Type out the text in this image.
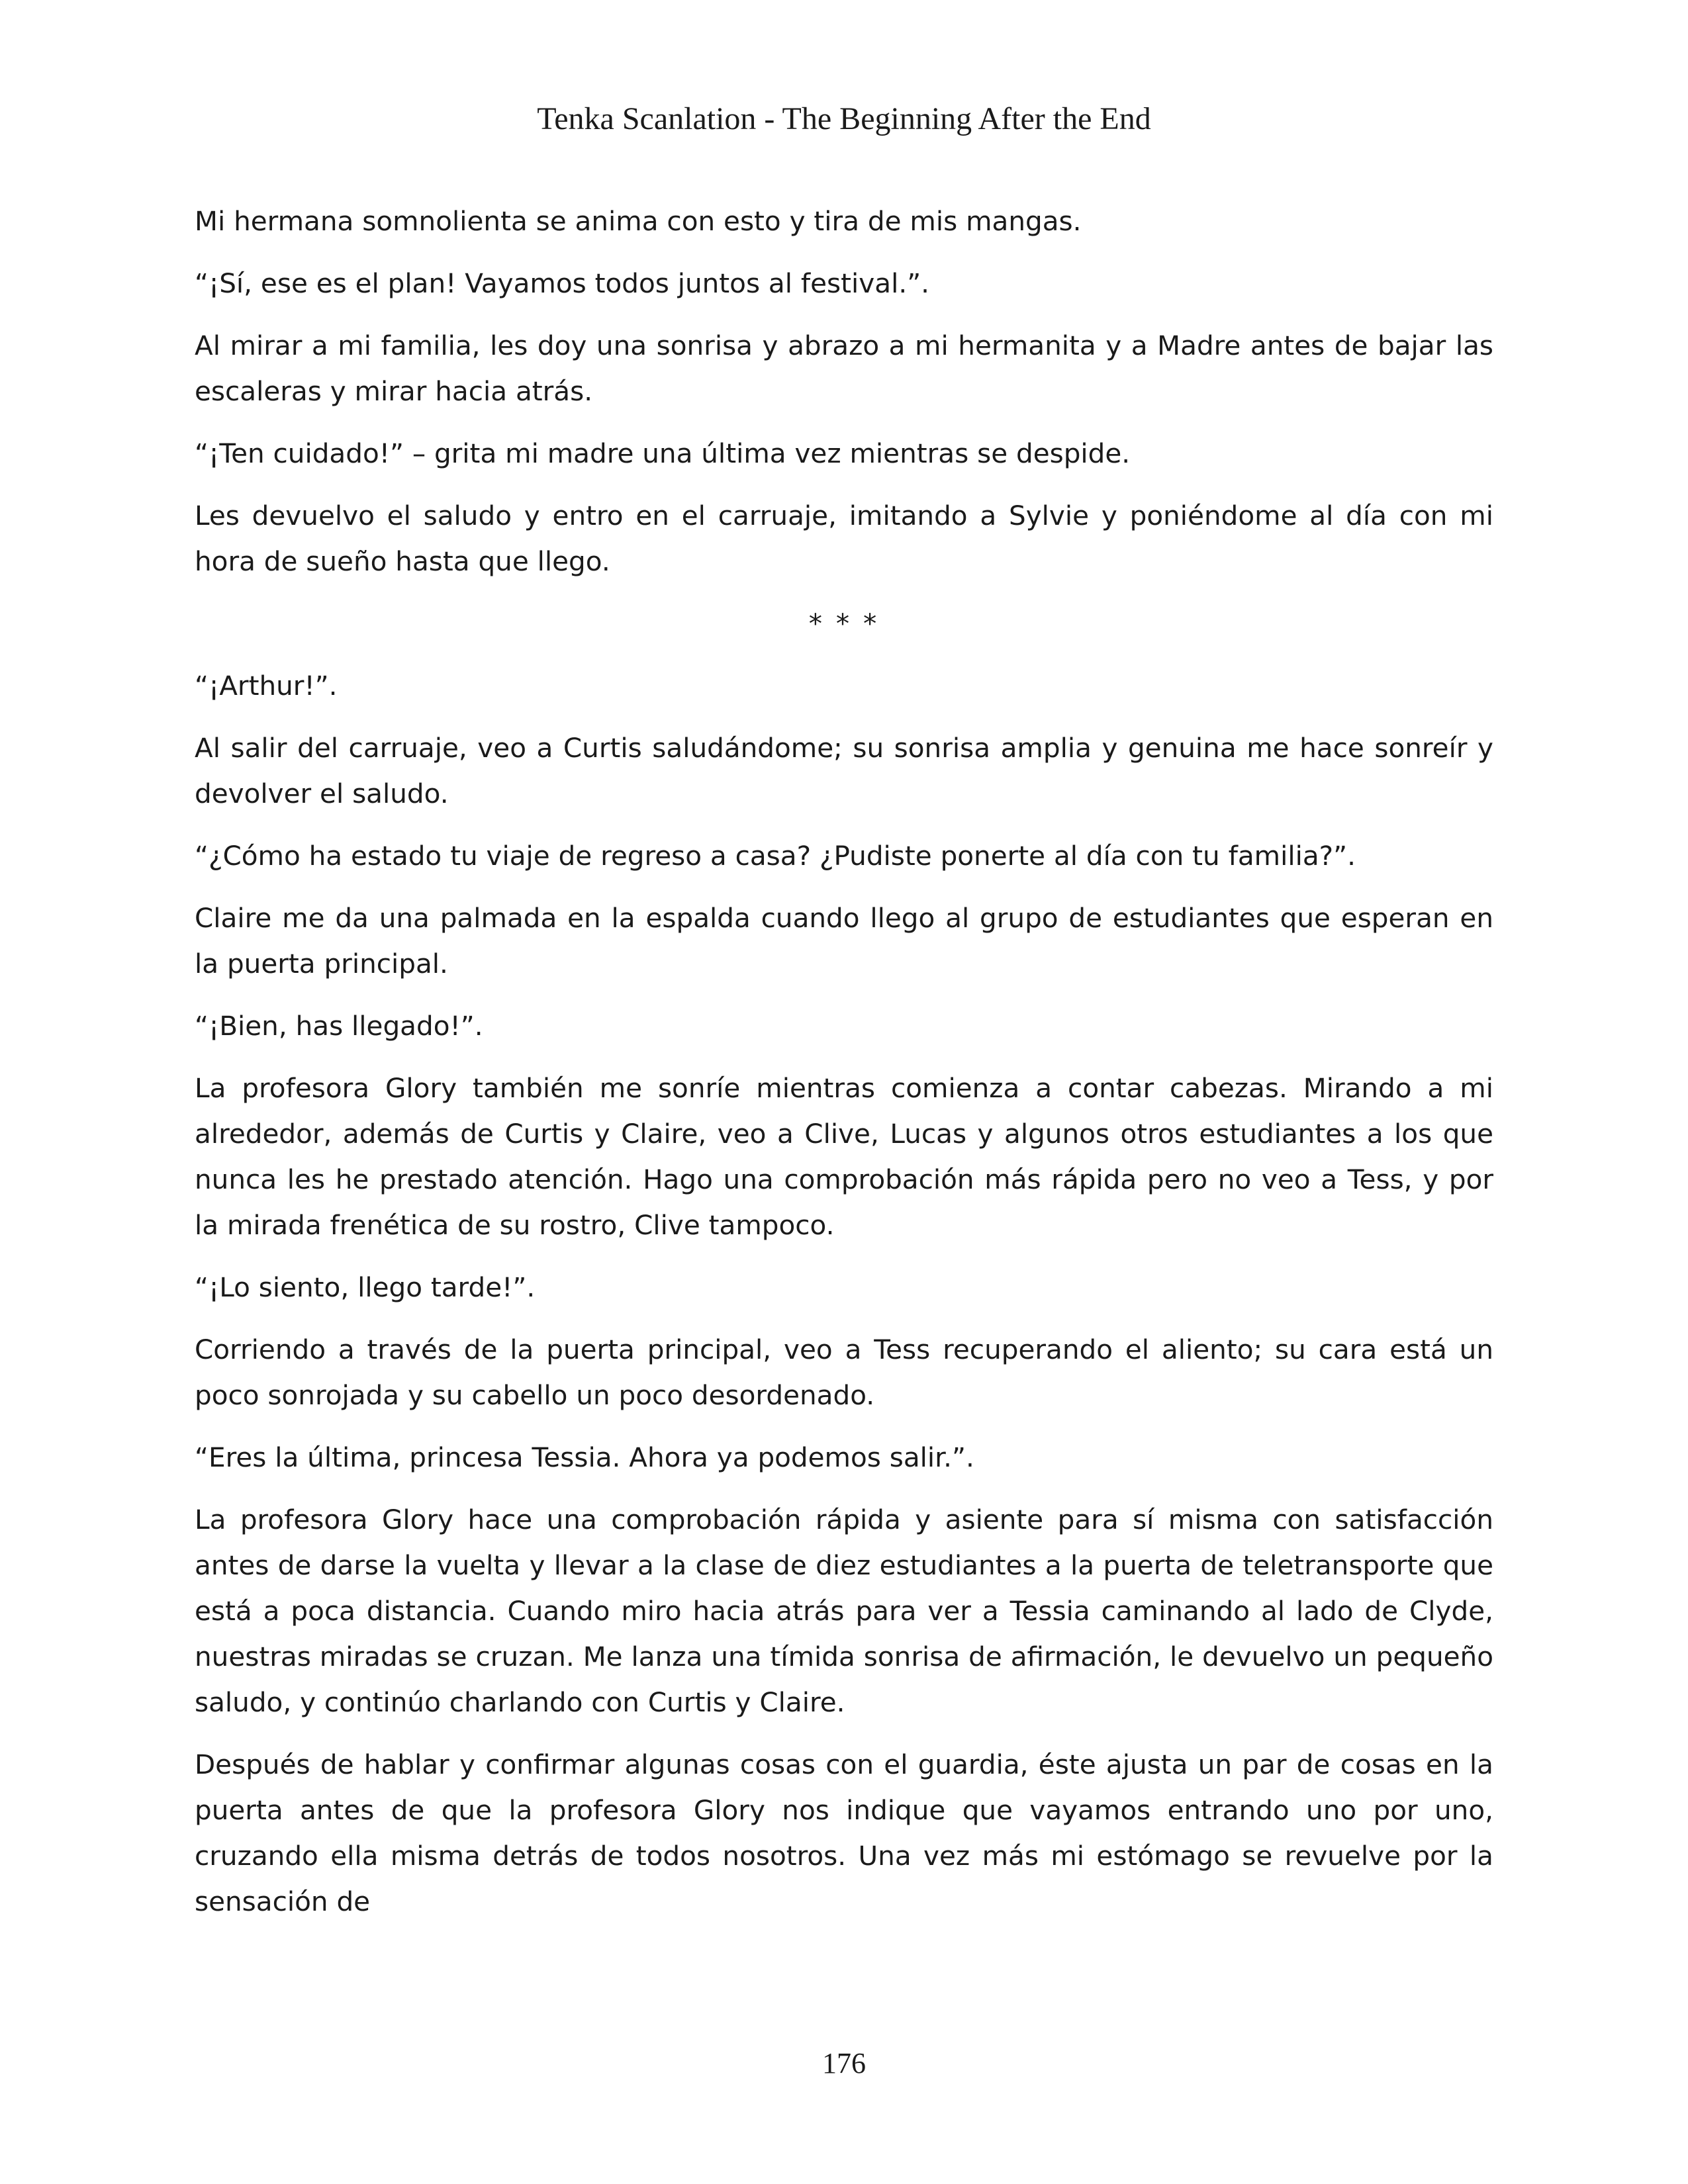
Tenka Scanlation - The Beginning After the End

Mi hermana somnolienta se anima con esto y tira de mis mangas.

“¡Sí, ese es el plan! Vayamos todos juntos al festival.”.

Al mirar a mi familia, les doy una sonrisa y abrazo a mi hermanita y a Madre antes de bajar las escaleras y mirar hacia atrás.

“¡Ten cuidado!” – grita mi madre una última vez mientras se despide.

Les devuelvo el saludo y entro en el carruaje, imitando a Sylvie y poniéndome al día con mi hora de sueño hasta que llego.

* * *

“¡Arthur!”.

Al salir del carruaje, veo a Curtis saludándome; su sonrisa amplia y genuina me hace sonreír y devolver el saludo.

“¿Cómo ha estado tu viaje de regreso a casa? ¿Pudiste ponerte al día con tu familia?”.

Claire me da una palmada en la espalda cuando llego al grupo de estudiantes que esperan en la puerta principal.

“¡Bien, has llegado!”.

La profesora Glory también me sonríe mientras comienza a contar cabezas. Mirando a mi alrededor, además de Curtis y Claire, veo a Clive, Lucas y algunos otros estudiantes a los que nunca les he prestado atención. Hago una comprobación más rápida pero no veo a Tess, y por la mirada frenética de su rostro, Clive tampoco.

“¡Lo siento, llego tarde!”.

Corriendo a través de la puerta principal, veo a Tess recuperando el aliento; su cara está un poco sonrojada y su cabello un poco desordenado.

“Eres la última, princesa Tessia. Ahora ya podemos salir.”.

La profesora Glory hace una comprobación rápida y asiente para sí misma con satisfacción antes de darse la vuelta y llevar a la clase de diez estudiantes a la puerta de teletransporte que está a poca distancia. Cuando miro hacia atrás para ver a Tessia caminando al lado de Clyde, nuestras miradas se cruzan. Me lanza una tímida sonrisa de afirmación, le devuelvo un pequeño saludo, y continúo charlando con Curtis y Claire.

Después de hablar y confirmar algunas cosas con el guardia, éste ajusta un par de cosas en la puerta antes de que la profesora Glory nos indique que vayamos entrando uno por uno, cruzando ella misma detrás de todos nosotros. Una vez más mi estómago se revuelve por la sensación de

176
